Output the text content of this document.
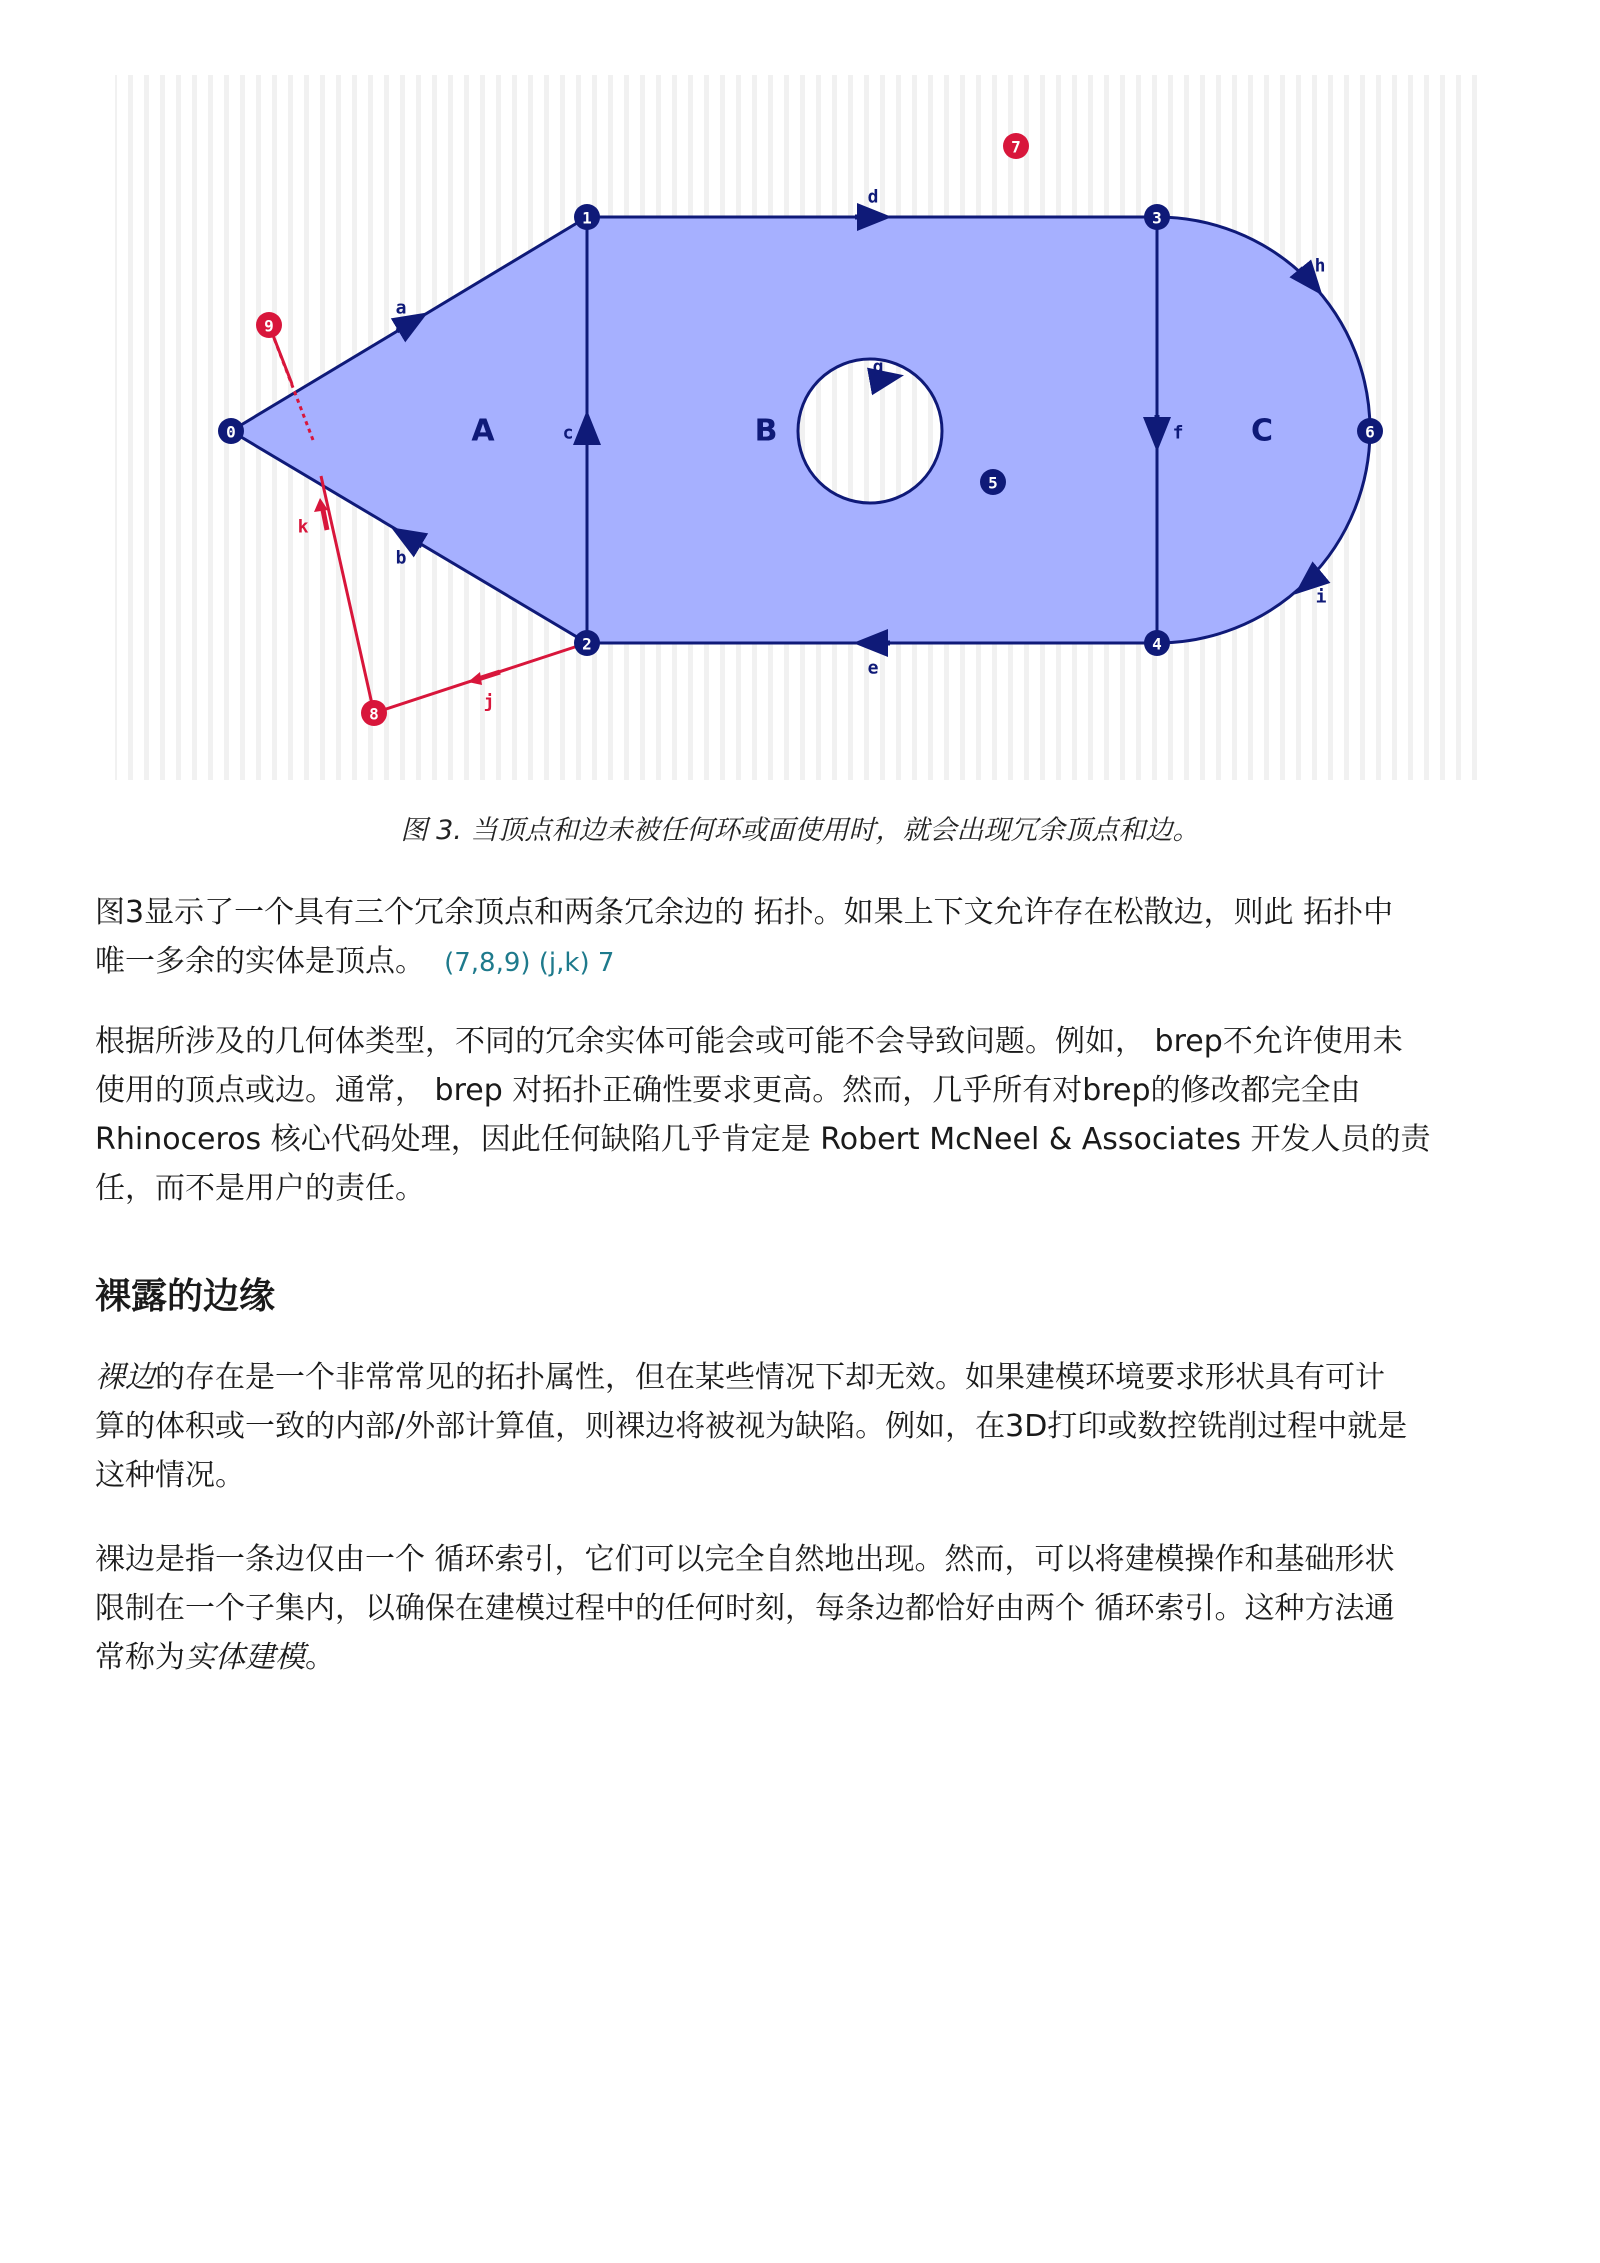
A	B	C
a
b
c
d
e
f
g
h
i
j
k
0
1
2
3
4
5
6
7
8
9
图 3. 当顶点和边未被任何环或面使用时，就会出现冗余顶点和边。
图3显示了一个具有三个冗余顶点和两条冗余边的 拓扑。如果上下文允许存在松散边，则此 拓扑中
唯一多余的实体是顶点。 (7,8,9) (j,k) 7
根据所涉及的几何体类型，不同的冗余实体可能会或可能不会导致问题。例如， brep不允许使用未
使用的顶点或边。通常， brep 对拓扑正确性要求更高。然而，几乎所有对brep的修改都完全由
Rhinoceros 核心代码处理，因此任何缺陷几乎肯定是 Robert McNeel & Associates 开发人员的责
任，而不是用户的责任。
裸露的边缘
裸边的存在是一个非常常见的拓扑属性，但在某些情况下却无效。如果建模环境要求形状具有可计
算的体积或一致的内部/外部计算值，则裸边将被视为缺陷。例如，在3D打印或数控铣削过程中就是
这种情况。
裸边是指一条边仅由一个 循环索引，它们可以完全自然地出现。然而，可以将建模操作和基础形状
限制在一个子集内，以确保在建模过程中的任何时刻，每条边都恰好由两个 循环索引。这种方法通
常称为实体建模。
